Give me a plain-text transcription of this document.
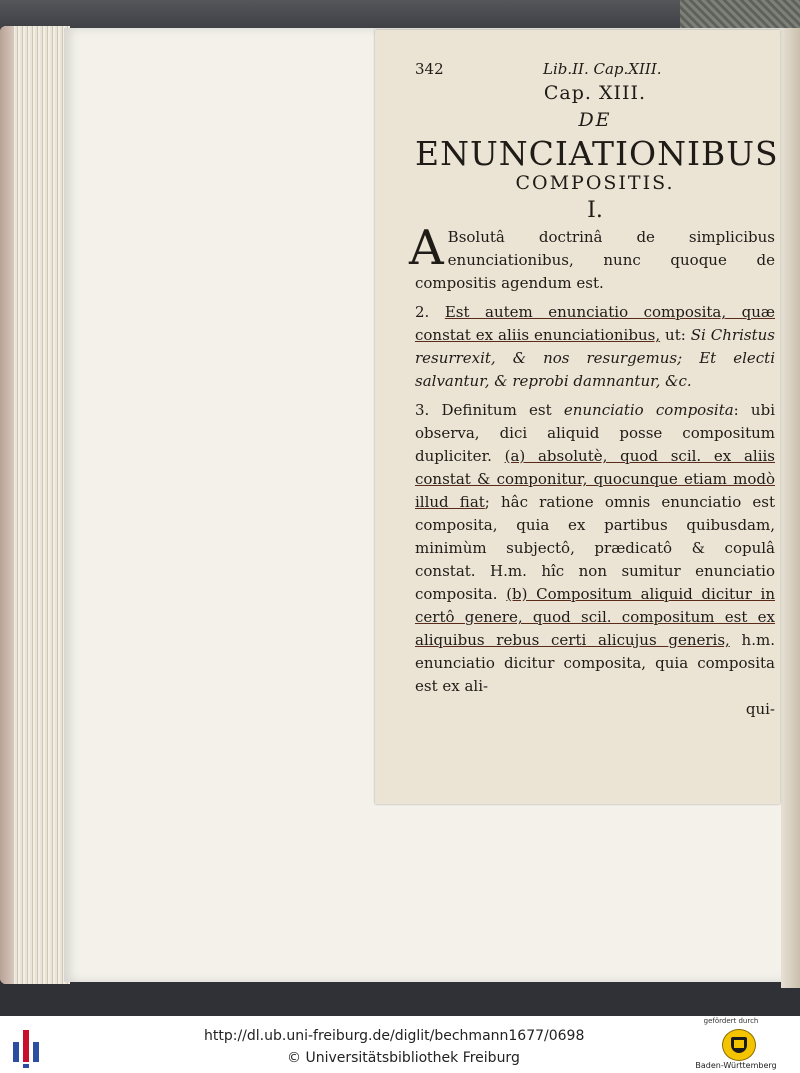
342	Lib.II. Cap.XIII.
Cap. XIII.
DE
ENUNCIATIONIBUS
COMPOSITIS.
I.
A Bsolutâ doctrinâ de simplicibus enunciationibus, nunc quoque de compositis agendum est.
2. Est autem enunciatio composita, quæ constat ex aliis enunciationibus, ut: Si Christus resurrexit, & nos resurgemus; Et electi salvantur, & reprobi damnantur, &c.
3. Definitum est enunciatio composita: ubi observa, dici aliquid posse compositum dupliciter. (a) absolutè, quod scil. ex aliis constat & componitur, quocunque etiam modò illud fiat; hâc ratione omnis enunciatio est composita, quia ex partibus quibusdam, minimùm subjectô, prædicatô & copulâ constat. H.m. hîc non sumitur enunciatio composita. (b) Compositum aliquid dicitur in certô genere, quod scil. compositum est ex aliquibus rebus certi alicujus generis, h.m. enunciatio dicitur composita, quia composita est ex ali-
qui-
http://dl.ub.uni-freiburg.de/diglit/bechmann1677/0698
© Universitätsbibliothek Freiburg
gefördert durch
Baden-Württemberg
